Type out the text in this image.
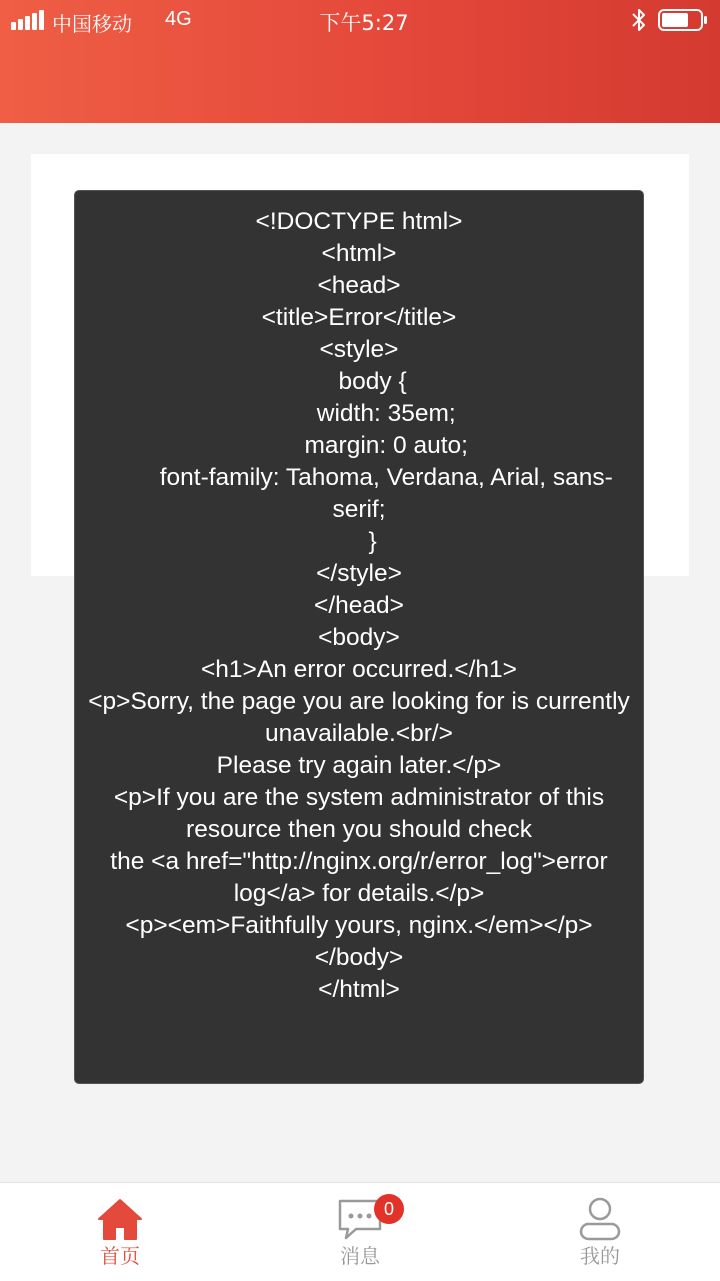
中国移动 4G	下午5:27

<!DOCTYPE html>
<html>
<head>
<title>Error</title>
<style>
body {
width: 35em;
margin: 0 auto;
font-family: Tahoma, Verdana, Arial, sans-serif;
}
</style>
</head>
<body>
<h1>An error occurred.</h1>
<p>Sorry, the page you are looking for is currently unavailable.<br/>
Please try again later.</p>
<p>If you are the system administrator of this resource then you should check
the <a href="http://nginx.org/r/error_log">error log</a> for details.</p>
<p><em>Faithfully yours, nginx.</em></p>
</body>
</html>

首页
0
消息	我的
